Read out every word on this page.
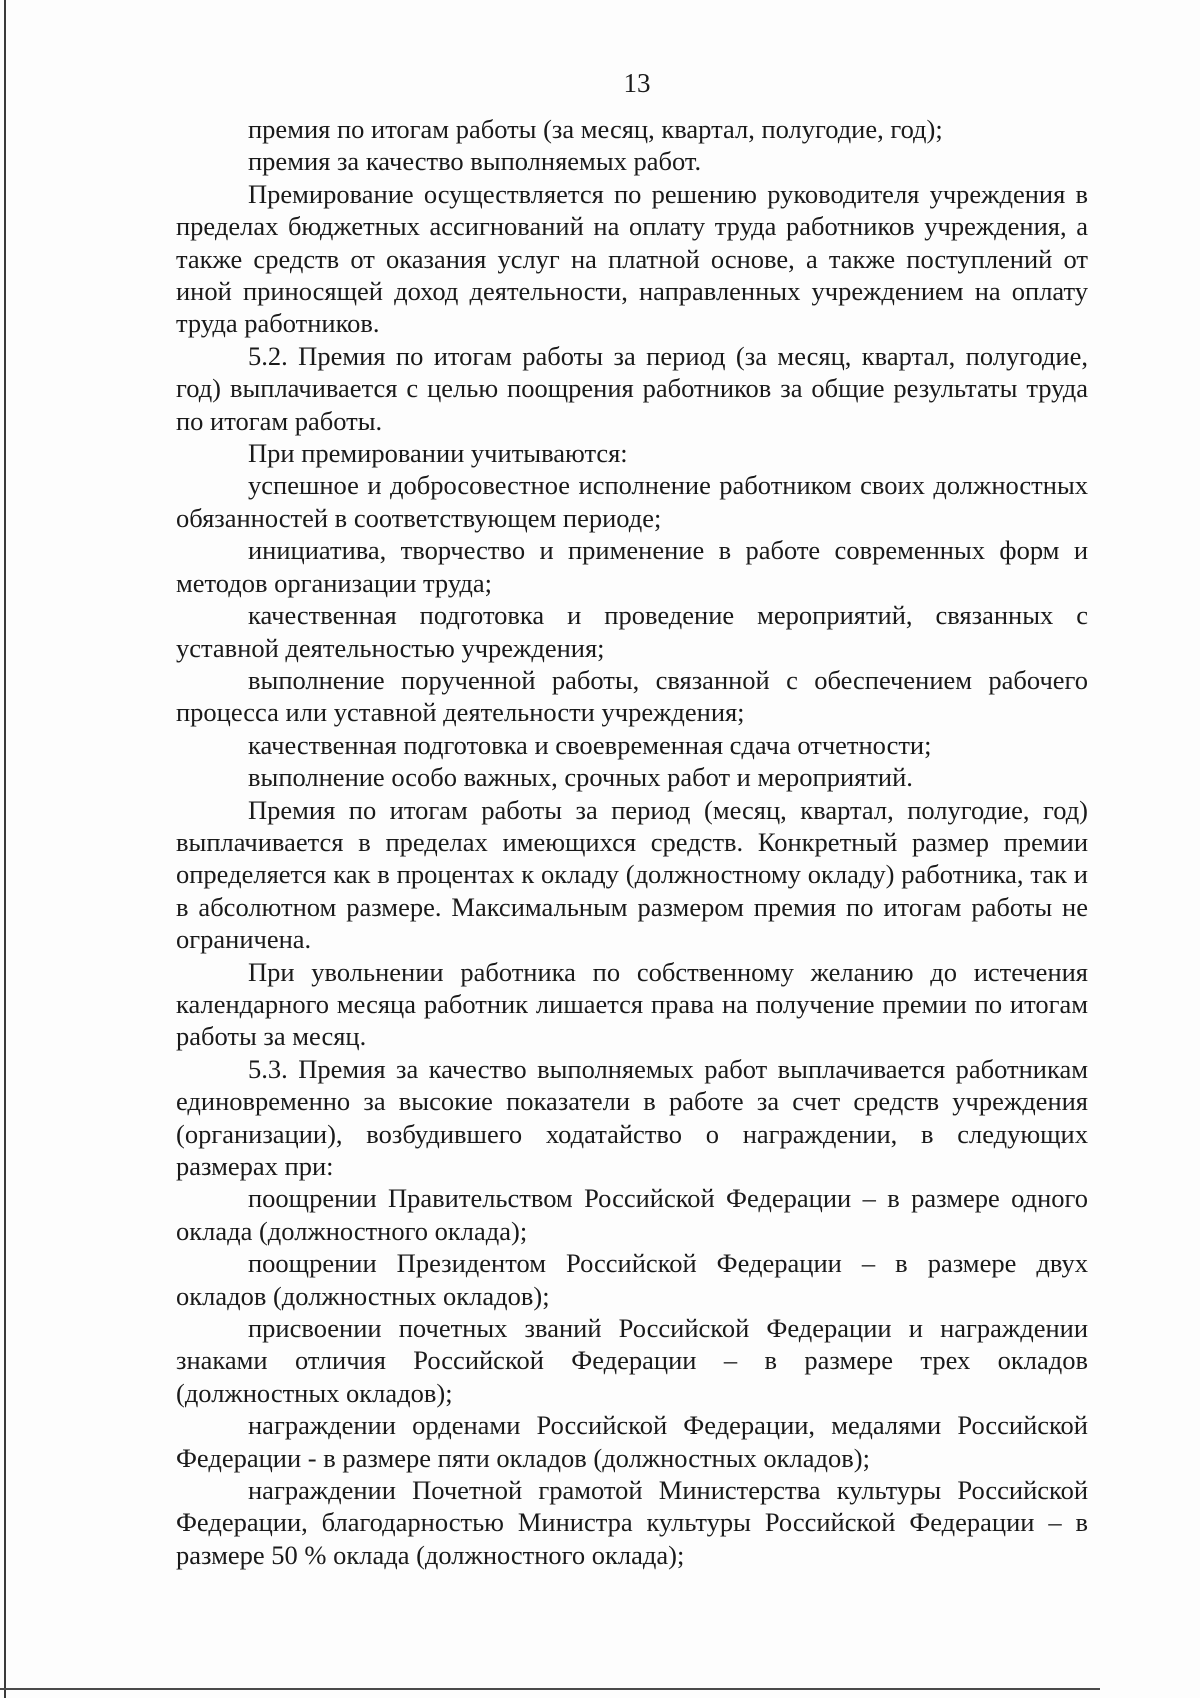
13

премия по итогам работы (за месяц, квартал, полугодие, год);

премия за качество выполняемых работ.

Премирование осуществляется по решению руководителя учреждения в пределах бюджетных ассигнований на оплату труда работников учреждения, а также средств от оказания услуг на платной основе, а также поступлений от иной приносящей доход деятельности, направленных учреждением на оплату труда работников.

5.2. Премия по итогам работы за период (за месяц, квартал, полугодие, год) выплачивается с целью поощрения работников за общие результаты труда по итогам работы.

При премировании учитываются:

успешное и добросовестное исполнение работником своих должностных обязанностей в соответствующем периоде;

инициатива, творчество и применение в работе современных форм и методов организации труда;

качественная подготовка и проведение мероприятий, связанных с уставной деятельностью учреждения;

выполнение порученной работы, связанной с обеспечением рабочего процесса или уставной деятельности учреждения;

качественная подготовка и своевременная сдача отчетности;

выполнение особо важных, срочных работ и мероприятий.

Премия по итогам работы за период (месяц, квартал, полугодие, год) выплачивается в пределах имеющихся средств. Конкретный размер премии определяется как в процентах к окладу (должностному окладу) работника, так и в абсолютном размере. Максимальным размером премия по итогам работы не ограничена.

При увольнении работника по собственному желанию до истечения календарного месяца работник лишается права на получение премии по итогам работы за месяц.

5.3. Премия за качество выполняемых работ выплачивается работникам единовременно за высокие показатели в работе за счет средств учреждения (организации), возбудившего ходатайство о награждении, в следующих размерах при:

поощрении Правительством Российской Федерации – в размере одного оклада (должностного оклада);

поощрении Президентом Российской Федерации – в размере двух окладов (должностных окладов);

присвоении почетных званий Российской Федерации и награждении знаками отличия Российской Федерации – в размере трех окладов (должностных окладов);

награждении орденами Российской Федерации, медалями Российской Федерации - в размере пяти окладов (должностных окладов);

награждении Почетной грамотой Министерства культуры Российской Федерации, благодарностью Министра культуры Российской Федерации – в размере 50 % оклада (должностного оклада);
